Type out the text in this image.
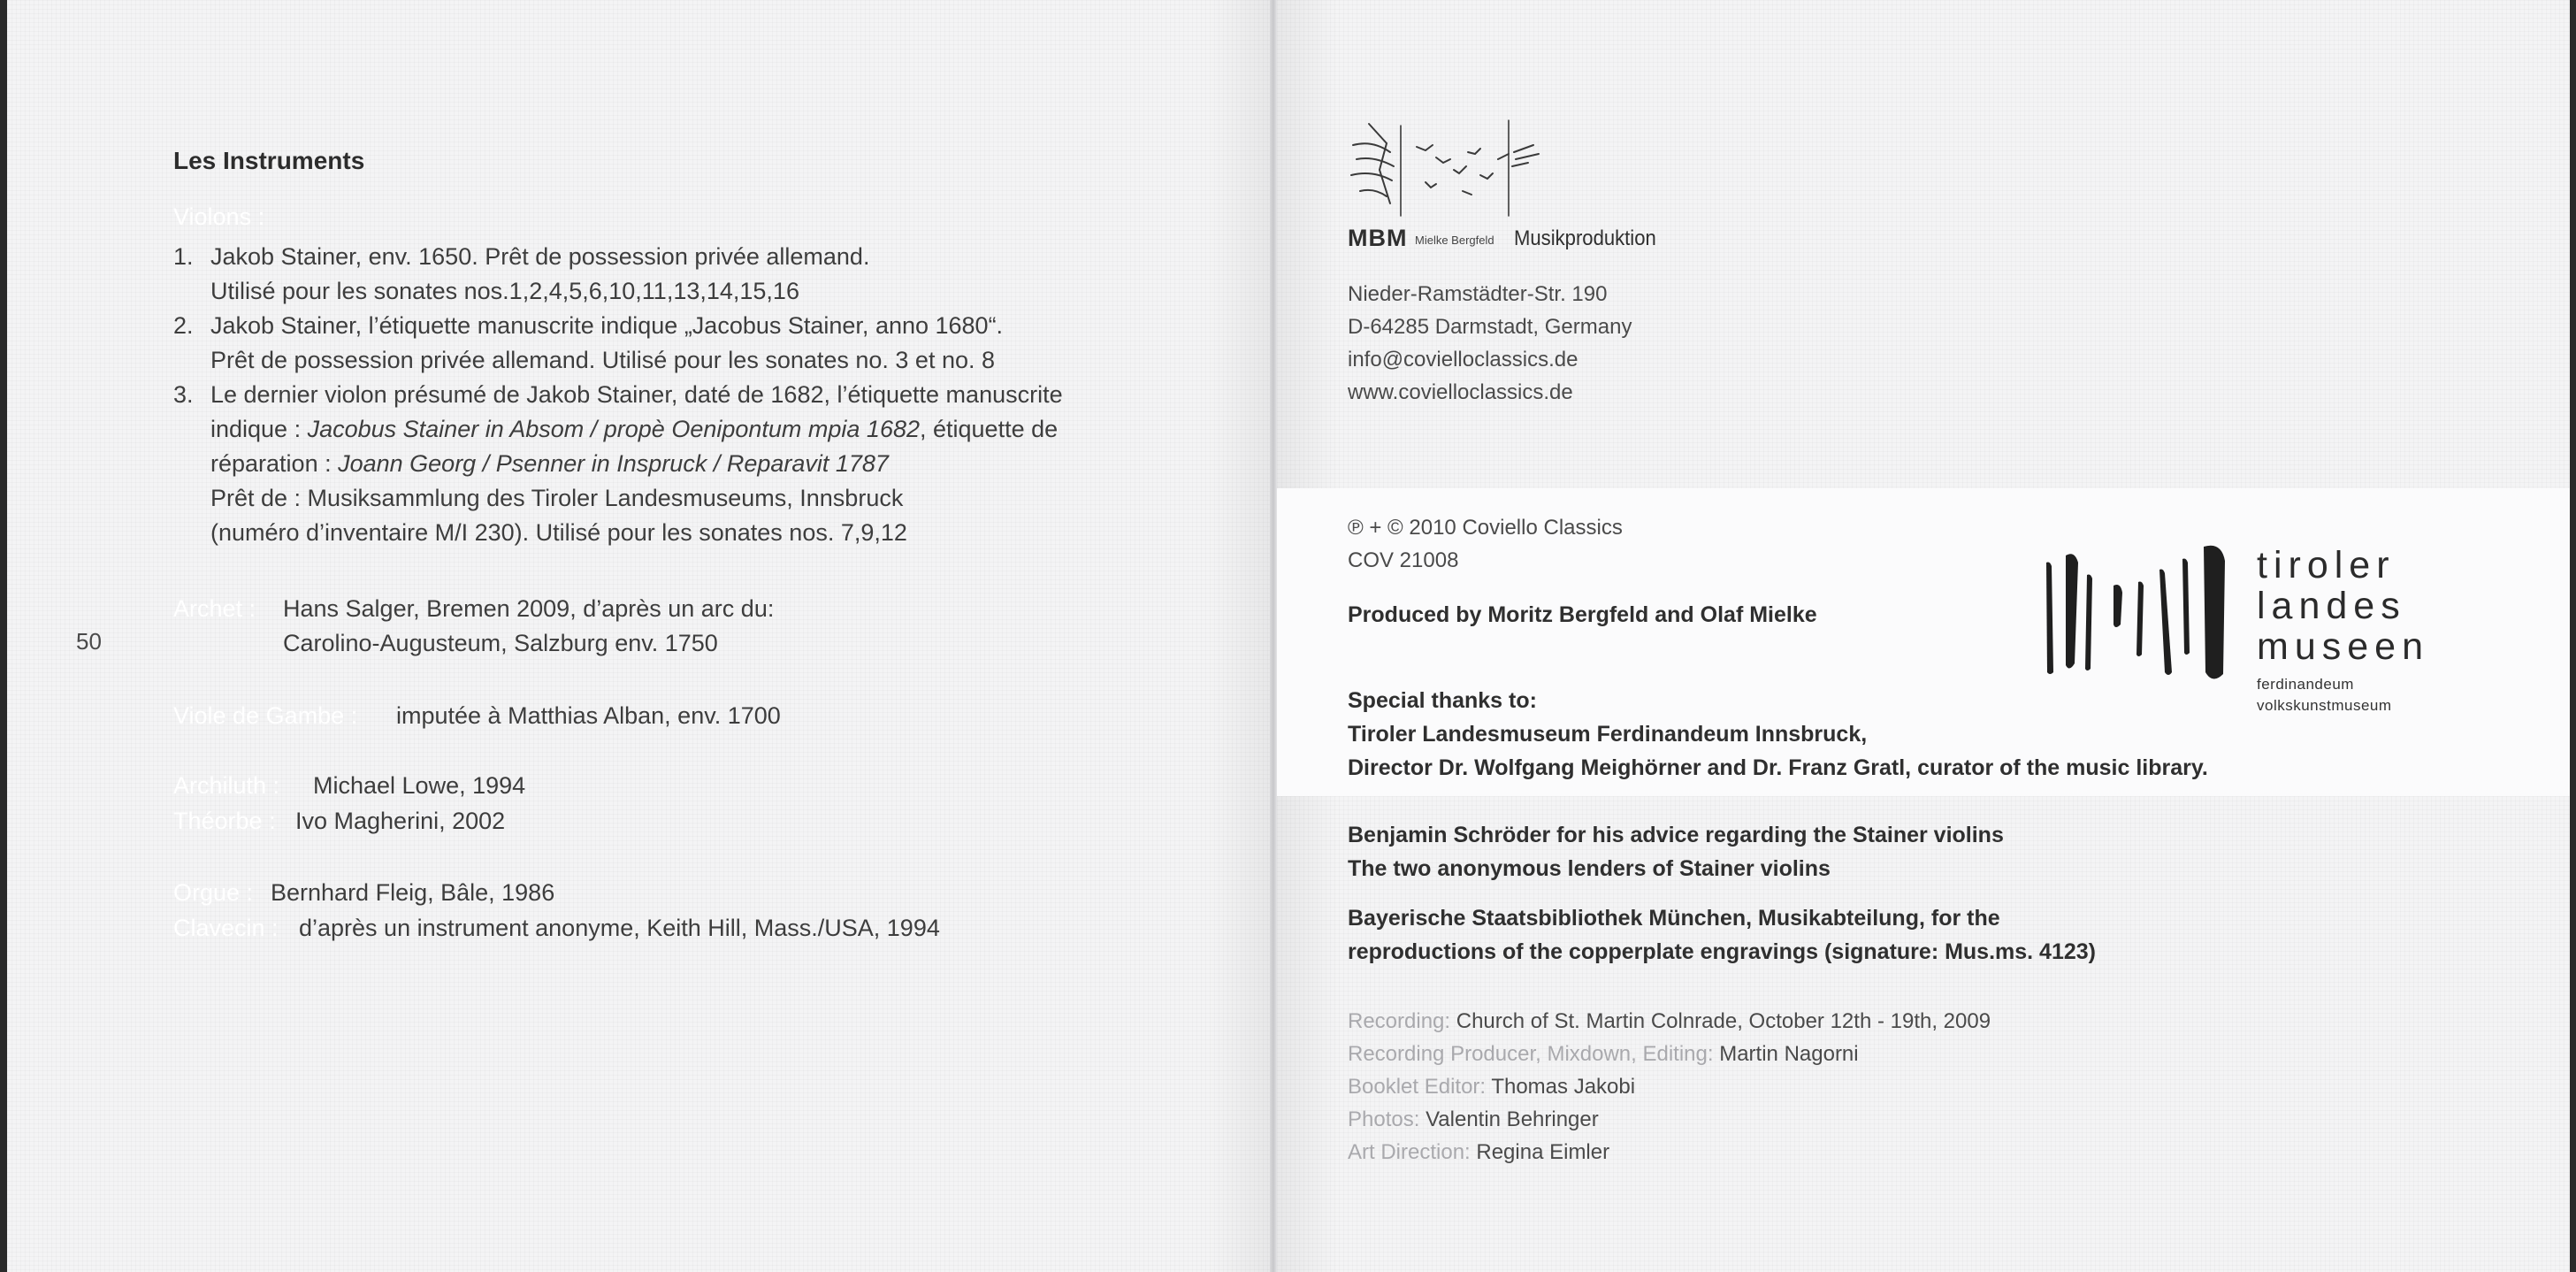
Les Instruments
Violons :
1. Jakob Stainer, env. 1650. Prêt de possession privée allemand.
Utilisé pour les sonates nos.1,2,4,5,6,10,11,13,14,15,16
2. Jakob Stainer, l’étiquette manuscrite indique „Jacobus Stainer, anno 1680“.
Prêt de possession privée allemand. Utilisé pour les sonates no. 3 et no. 8
3. Le dernier violon présumé de Jakob Stainer, daté de 1682, l’étiquette manuscrite
indique : Jacobus Stainer in Absom / propè Oenipontum mpia 1682, étiquette de
réparation : Joann Georg / Psenner in Inspruck / Reparavit 1787
Prêt de : Musiksammlung des Tiroler Landesmuseums, Innsbruck
(numéro d’inventaire M/I 230). Utilisé pour les sonates nos. 7,9,12
Archet : Hans Salger, Bremen 2009, d’après un arc du:
Carolino-Augusteum, Salzburg env. 1750
50
Viole de Gambe : imputée à Matthias Alban, env. 1700
Archiluth : Michael Lowe, 1994
Théorbe : Ivo Magherini, 2002
Orgue : Bernhard Fleig, Bâle, 1986
Clavecin : d’après un instrument anonyme, Keith Hill, Mass./USA, 1994
MBM Mielke Bergfeld Musikproduktion
Nieder-Ramstädter-Str. 190
D-64285 Darmstadt, Germany
info@covielloclassics.de
www.covielloclassics.de
℗ + © 2010 Coviello Classics
COV 21008
Produced by Moritz Bergfeld and Olaf Mielke
Special thanks to:
Tiroler Landesmuseum Ferdinandeum Innsbruck,
Director Dr. Wolfgang Meighörner and Dr. Franz Gratl, curator of the music library.
Benjamin Schröder for his advice regarding the Stainer violins
The two anonymous lenders of Stainer violins
Bayerische Staatsbibliothek München, Musikabteilung, for the
reproductions of the copperplate engravings (signature: Mus.ms. 4123)
tiroler
landes
museen
ferdinandeum
volkskunstmuseum
Recording: Church of St. Martin Colnrade, October 12th - 19th, 2009
Recording Producer, Mixdown, Editing: Martin Nagorni
Booklet Editor: Thomas Jakobi
Photos: Valentin Behringer
Art Direction: Regina Eimler
